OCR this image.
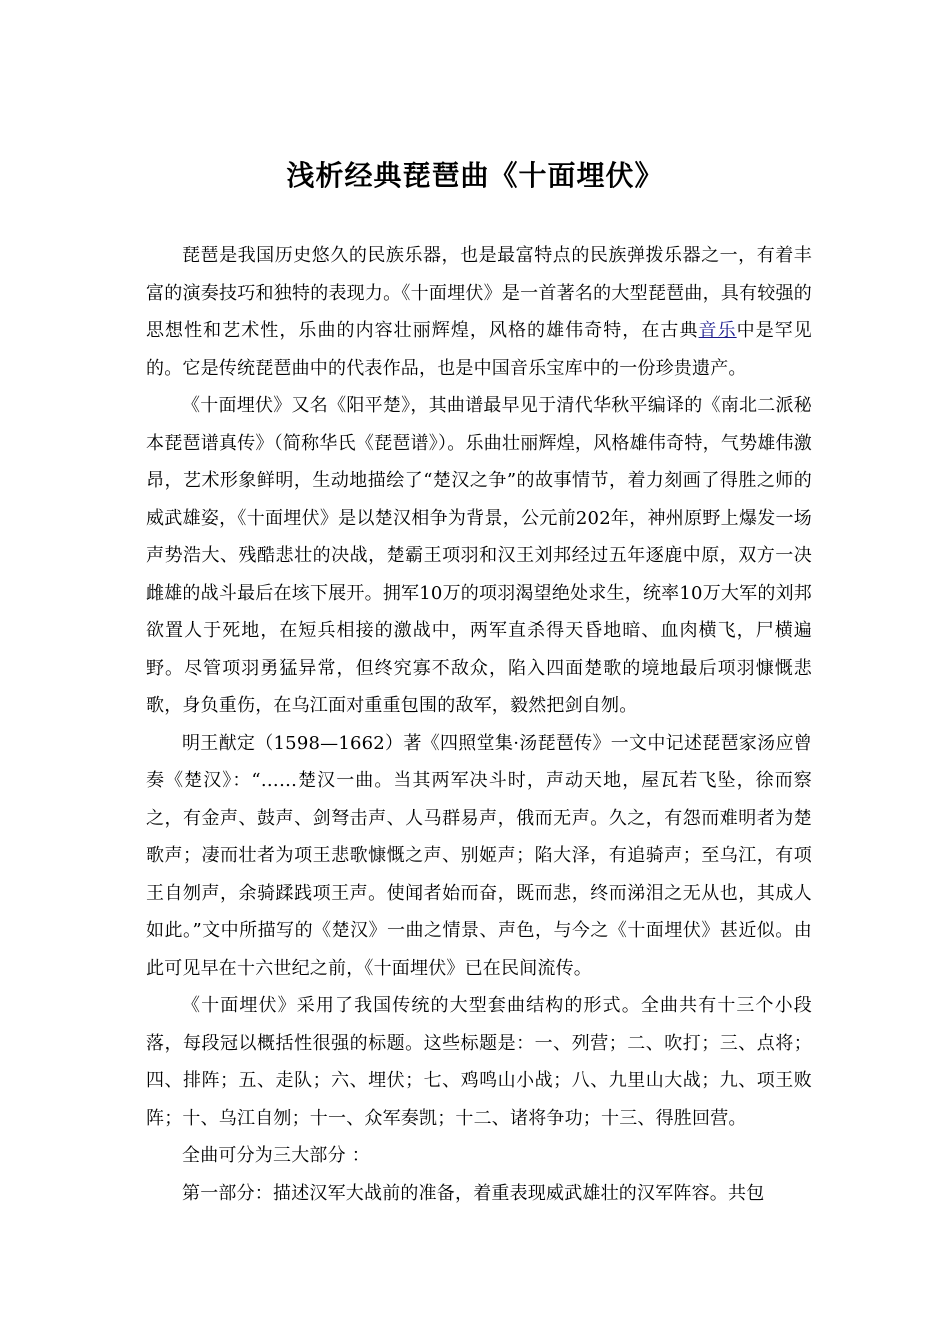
浅析经典琵琶曲《十面埋伏》

琵琶是我国历史悠久的民族乐器，也是最富特点的民族弹拨乐器之一，有着丰富的演奏技巧和独特的表现力。《十面埋伏》是一首著名的大型琵琶曲，具有较强的思想性和艺术性，乐曲的内容壮丽辉煌，风格的雄伟奇特，在古典音乐中是罕见的。它是传统琵琶曲中的代表作品，也是中国音乐宝库中的一份珍贵遗产。

《十面埋伏》又名《阳平楚》，其曲谱最早见于清代华秋平编译的《南北二派秘本琵琶谱真传》（简称华氏《琵琶谱》）。乐曲壮丽辉煌，风格雄伟奇特，气势雄伟激昂，艺术形象鲜明，生动地描绘了“楚汉之争”的故事情节，着力刻画了得胜之师的威武雄姿，《十面埋伏》是以楚汉相争为背景，公元前202年，神州原野上爆发一场声势浩大、残酷悲壮的决战，楚霸王项羽和汉王刘邦经过五年逐鹿中原，双方一决雌雄的战斗最后在垓下展开。拥军10万的项羽渴望绝处求生，统率10万大军的刘邦欲置人于死地，在短兵相接的激战中，两军直杀得天昏地暗、血肉横飞，尸横遍野。尽管项羽勇猛异常，但终究寡不敌众，陷入四面楚歌的境地最后项羽慷慨悲歌，身负重伤，在乌江面对重重包围的敌军，毅然把剑自刎。

明王猷定（1598—1662）著《四照堂集·汤琵琶传》一文中记述琵琶家汤应曾奏《楚汉》：“……楚汉一曲。当其两军决斗时，声动天地，屋瓦若飞坠，徐而察之，有金声、鼓声、剑弩击声、人马群易声，俄而无声。久之，有怨而难明者为楚歌声；凄而壮者为项王悲歌慷慨之声、别姬声；陷大泽，有追骑声；至乌江，有项王自刎声，余骑蹂践项王声。使闻者始而奋，既而悲，终而涕泪之无从也，其成人如此。”文中所描写的《楚汉》一曲之情景、声色，与今之《十面埋伏》甚近似。由此可见早在十六世纪之前，《十面埋伏》已在民间流传。

《十面埋伏》采用了我国传统的大型套曲结构的形式。全曲共有十三个小段落，每段冠以概括性很强的标题。这些标题是：一、列营；二、吹打；三、点将；四、排阵；五、走队；六、埋伏；七、鸡鸣山小战；八、九里山大战；九、项王败阵；十、乌江自刎；十一、众军奏凯；十二、诸将争功；十三、得胜回营。

全曲可分为三大部分 ：

第一部分：描述汉军大战前的准备，着重表现威武雄壮的汉军阵容。共包
